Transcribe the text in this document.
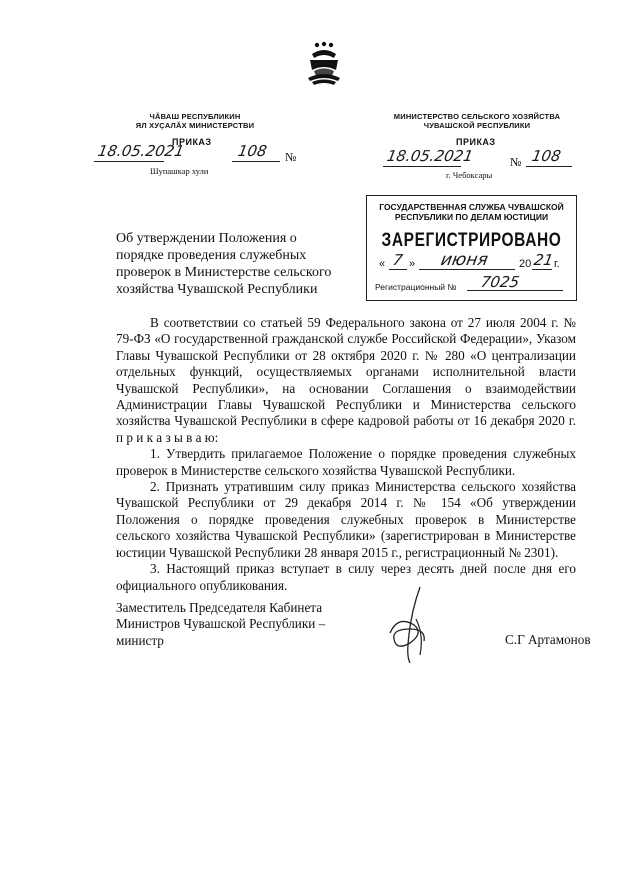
ЧӐВАШ РЕСПУБЛИКИН
ЯЛ ХУҪАЛӐХ МИНИСТЕРСТВИ
МИНИСТЕРСТВО СЕЛЬСКОГО ХОЗЯЙСТВА
ЧУВАШСКОЙ РЕСПУБЛИКИ
ПРИКАЗ
18.05.2021	108	№
Шупашкар хули
ПРИКАЗ
18.05.2021	№ 108
г. Чебоксары
ГОСУДАРСТВЕННАЯ СЛУЖБА ЧУВАШСКОЙ
РЕСПУБЛИКИ ПО ДЕЛАМ ЮСТИЦИИ
ЗАРЕГИСТРИРОВАНО
« 7 » июня	20 21 г.
Регистрационный № 7025
Об утверждении Положения о
порядке проведения служебных
проверок в Министерстве сельского
хозяйства Чувашской Республики

В соответствии со статьей 59 Федерального закона от 27 июля 2004 г. № 79-ФЗ «О государственной гражданской службе Российской Федерации», Указом Главы Чувашской Республики от 28 октября 2020 г. № 280 «О централизации отдельных функций, осуществляемых органами исполнительной власти Чувашской Республики», на основании Соглашения о взаимодействии Администрации Главы Чувашской Республики и Министерства сельского хозяйства Чувашской Республики в сфере кадровой работы от 16 декабря 2020 г. п р и к а з ы в а ю:

1. Утвердить прилагаемое Положение о порядке проведения служебных проверок в Министерстве сельского хозяйства Чувашской Республики.

2. Признать утратившим силу приказ Министерства сельского хозяйства Чувашской Республики от 29 декабря 2014 г. № 154 «Об утверждении Положения о порядке проведения служебных проверок в Министерстве сельского хозяйства Чувашской Республики» (зарегистрирован в Министерстве юстиции Чувашской Республики 28 января 2015 г., регистрационный № 2301).

3. Настоящий приказ вступает в силу через десять дней после дня его официального опубликования.

Заместитель Председателя Кабинета
Министров Чувашской Республики –
министр	С.Г Артамонов
